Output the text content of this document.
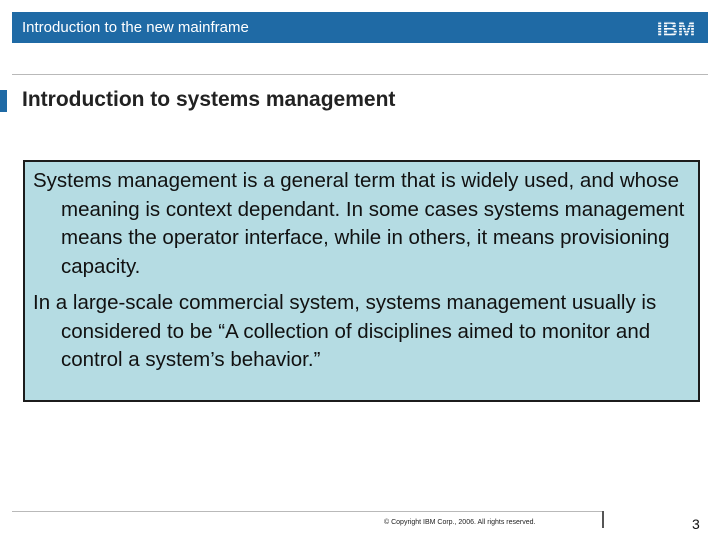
Introduction to the new mainframe	IBM
Introduction to systems management

Systems management is a general term that is widely used, and whose meaning is context dependant. In some cases systems management means the operator interface, while in others, it means provisioning capacity.

In a large-scale commercial system, systems management usually is considered to be “A collection of disciplines aimed to monitor and control a system’s behavior.”

© Copyright IBM Corp., 2006. All rights reserved.	3
